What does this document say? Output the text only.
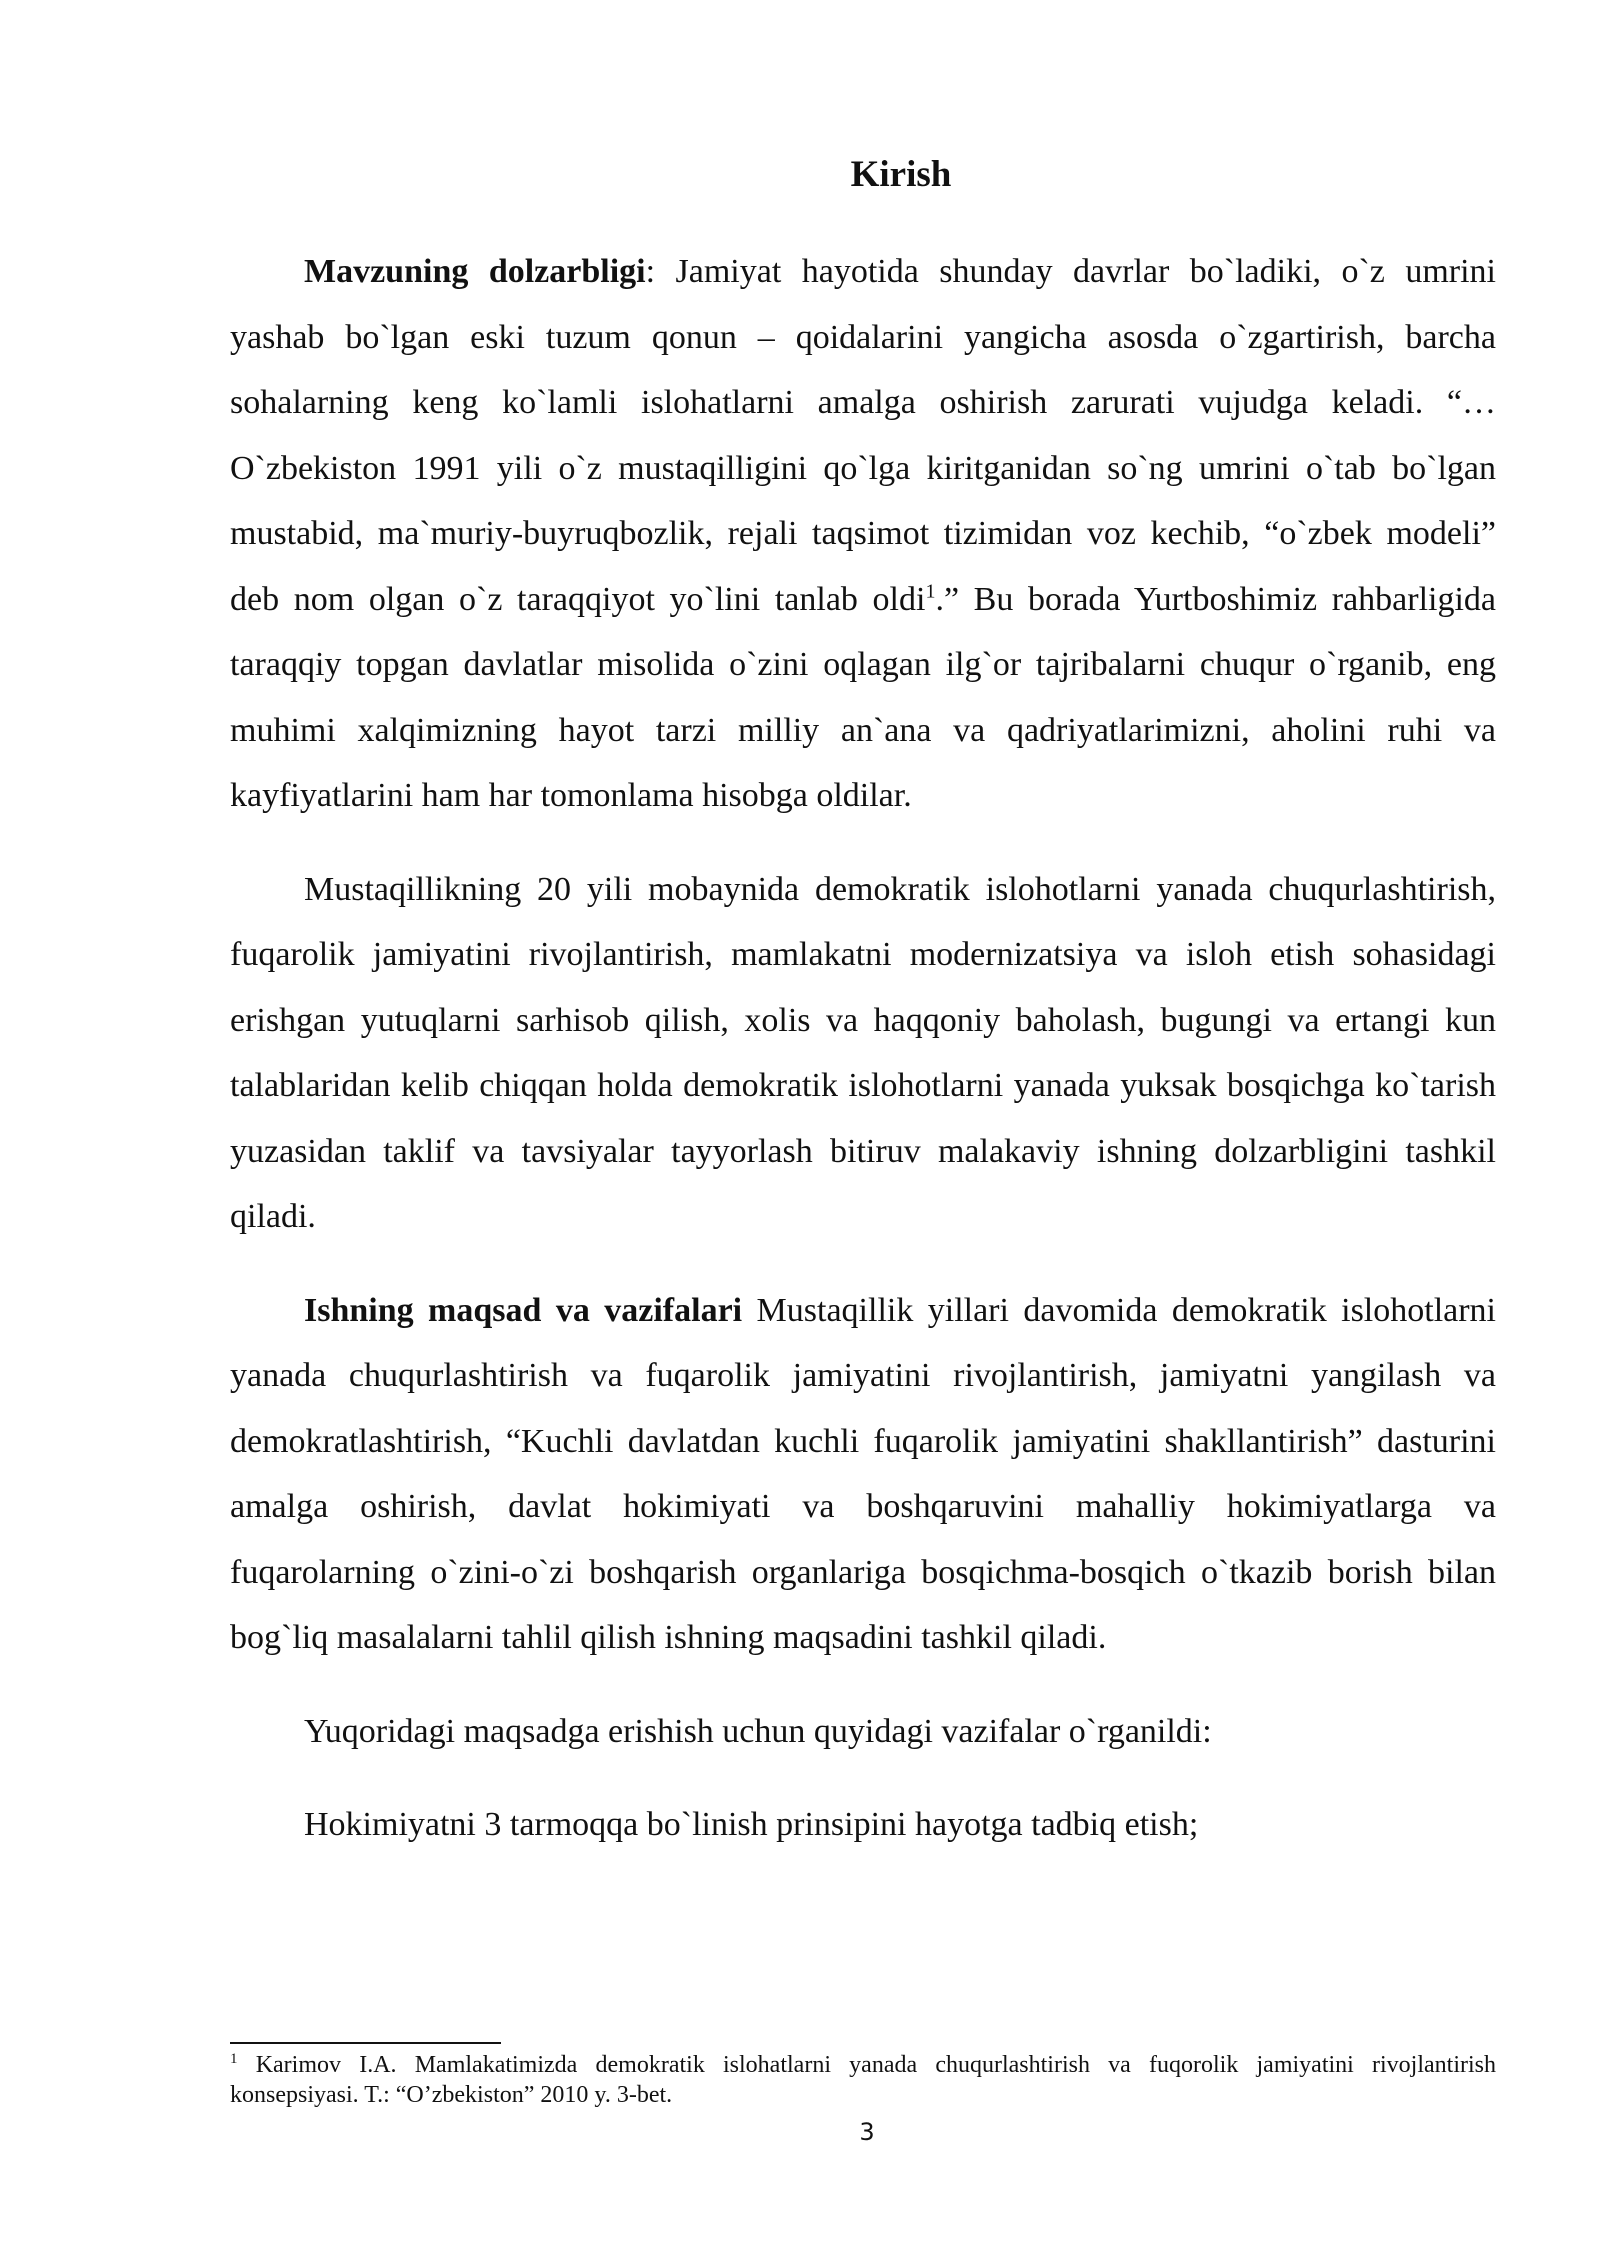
Kirish

Mavzuning dolzarbligi: Jamiyat hayotida shunday davrlar bo`ladiki, o`z umrini yashab bo`lgan eski tuzum qonun – qoidalarini yangicha asosda o`zgartirish, barcha sohalarning keng ko`lamli islohatlarni amalga oshirish zarurati vujudga keladi. “…O`zbekiston 1991 yili o`z mustaqilligini qo`lga kiritganidan so`ng umrini o`tab bo`lgan mustabid, ma`muriy-buyruqbozlik, rejali taqsimot tizimidan voz kechib, “o`zbek modeli” deb nom olgan o`z taraqqiyot yo`lini tanlab oldi$^1$.” Bu borada Yurtboshimiz rahbarligida taraqqiy topgan davlatlar misolida o`zini oqlagan ilg`or tajribalarni chuqur o`rganib, eng muhimi xalqimizning hayot tarzi milliy an`ana va qadriyatlarimizni, aholini ruhi va kayfiyatlarini ham har tomonlama hisobga oldilar.

Mustaqillikning 20 yili mobaynida demokratik islohotlarni yanada chuqurlashtirish, fuqarolik jamiyatini rivojlantirish, mamlakatni modernizatsiya va isloh etish sohasidagi erishgan yutuqlarni sarhisob qilish, xolis va haqqoniy baholash, bugungi va ertangi kun talablaridan kelib chiqqan holda demokratik islohotlarni yanada yuksak bosqichga ko`tarish yuzasidan taklif va tavsiyalar tayyorlash bitiruv malakaviy ishning dolzarbligini tashkil qiladi.

Ishning maqsad va vazifalari Mustaqillik yillari davomida demokratik islohotlarni yanada chuqurlashtirish va fuqarolik jamiyatini rivojlantirish, jamiyatni yangilash va demokratlashtirish, “Kuchli davlatdan kuchli fuqarolik jamiyatini shakllantirish” dasturini amalga oshirish, davlat hokimiyati va boshqaruvini mahalliy hokimiyatlarga va fuqarolarning o`zini-o`zi boshqarish organlariga bosqichma-bosqich o`tkazib borish bilan bog`liq masalalarni tahlil qilish ishning maqsadini tashkil qiladi.

Yuqoridagi maqsadga erishish uchun quyidagi vazifalar o`rganildi:

Hokimiyatni 3 tarmoqqa bo`linish prinsipini hayotga tadbiq etish;

$^1$ Karimov I.A. Mamlakatimizda demokratik islohatlarni yanada chuqurlashtirish va fuqorolik jamiyatini rivojlantirish konsepsiyasi. T.: “O’zbekiston” 2010 y. 3-bet.
3
